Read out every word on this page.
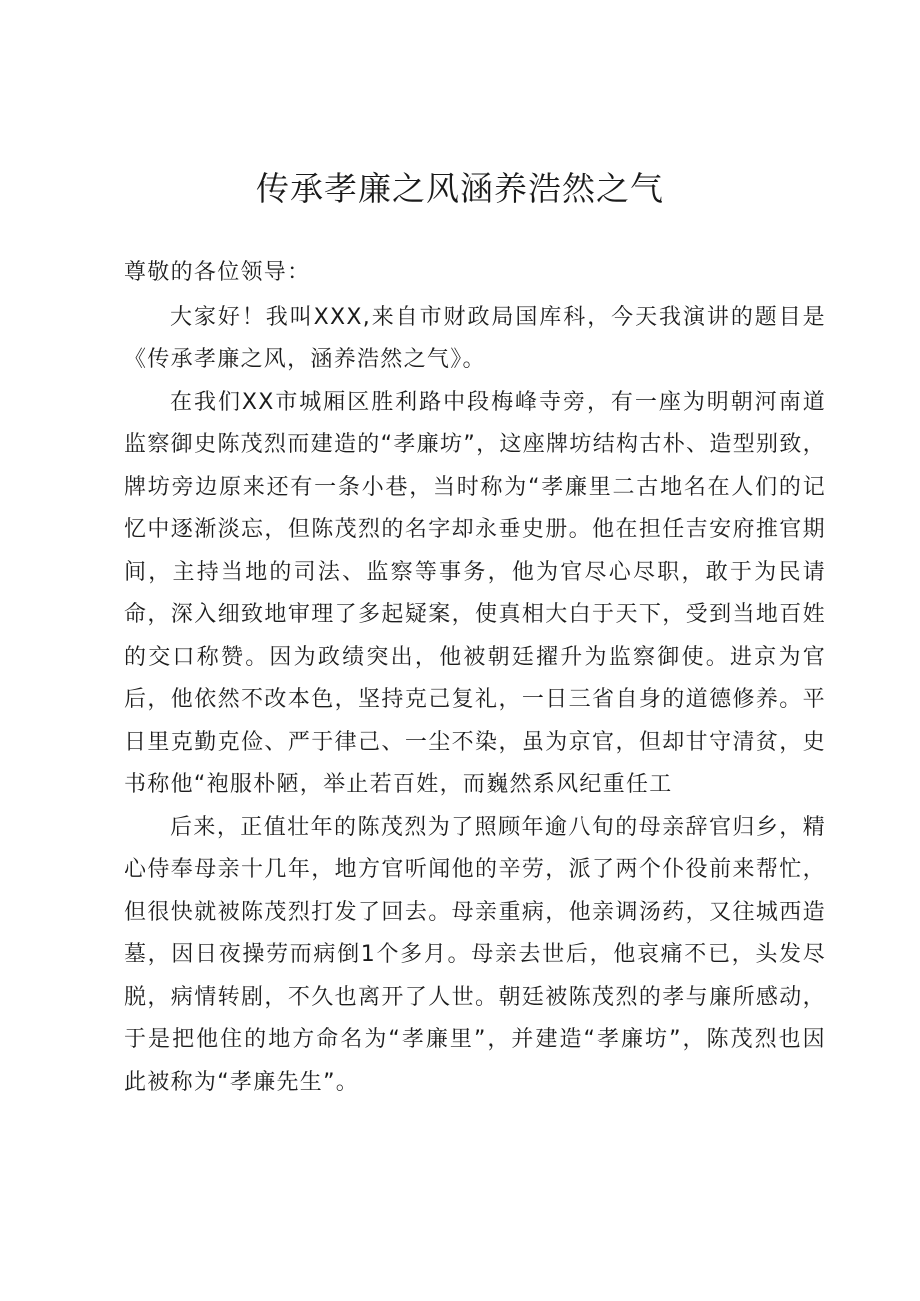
传承孝廉之风涵养浩然之气

尊敬的各位领导：

大家好！我叫XXX,来自市财政局国库科，今天我演讲的题目是《传承孝廉之风，涵养浩然之气》。

在我们XX市城厢区胜利路中段梅峰寺旁，有一座为明朝河南道监察御史陈茂烈而建造的“孝廉坊”，这座牌坊结构古朴、造型别致，牌坊旁边原来还有一条小巷，当时称为“孝廉里二古地名在人们的记忆中逐渐淡忘，但陈茂烈的名字却永垂史册。他在担任吉安府推官期间，主持当地的司法、监察等事务，他为官尽心尽职，敢于为民请命，深入细致地审理了多起疑案，使真相大白于天下，受到当地百姓的交口称赞。因为政绩突出，他被朝廷擢升为监察御使。进京为官后，他依然不改本色，坚持克己复礼，一日三省自身的道德修养。平日里克勤克俭、严于律己、一尘不染，虽为京官，但却甘守清贫，史书称他“袍服朴陋，举止若百姓，而巍然系风纪重任工

后来，正值壮年的陈茂烈为了照顾年逾八旬的母亲辞官归乡，精心侍奉母亲十几年，地方官听闻他的辛劳，派了两个仆役前来帮忙，但很快就被陈茂烈打发了回去。母亲重病，他亲调汤药，又往城西造墓，因日夜操劳而病倒1个多月。母亲去世后，他哀痛不已，头发尽脱，病情转剧，不久也离开了人世。朝廷被陈茂烈的孝与廉所感动，于是把他住的地方命名为“孝廉里”，并建造“孝廉坊”，陈茂烈也因此被称为“孝廉先生”。
